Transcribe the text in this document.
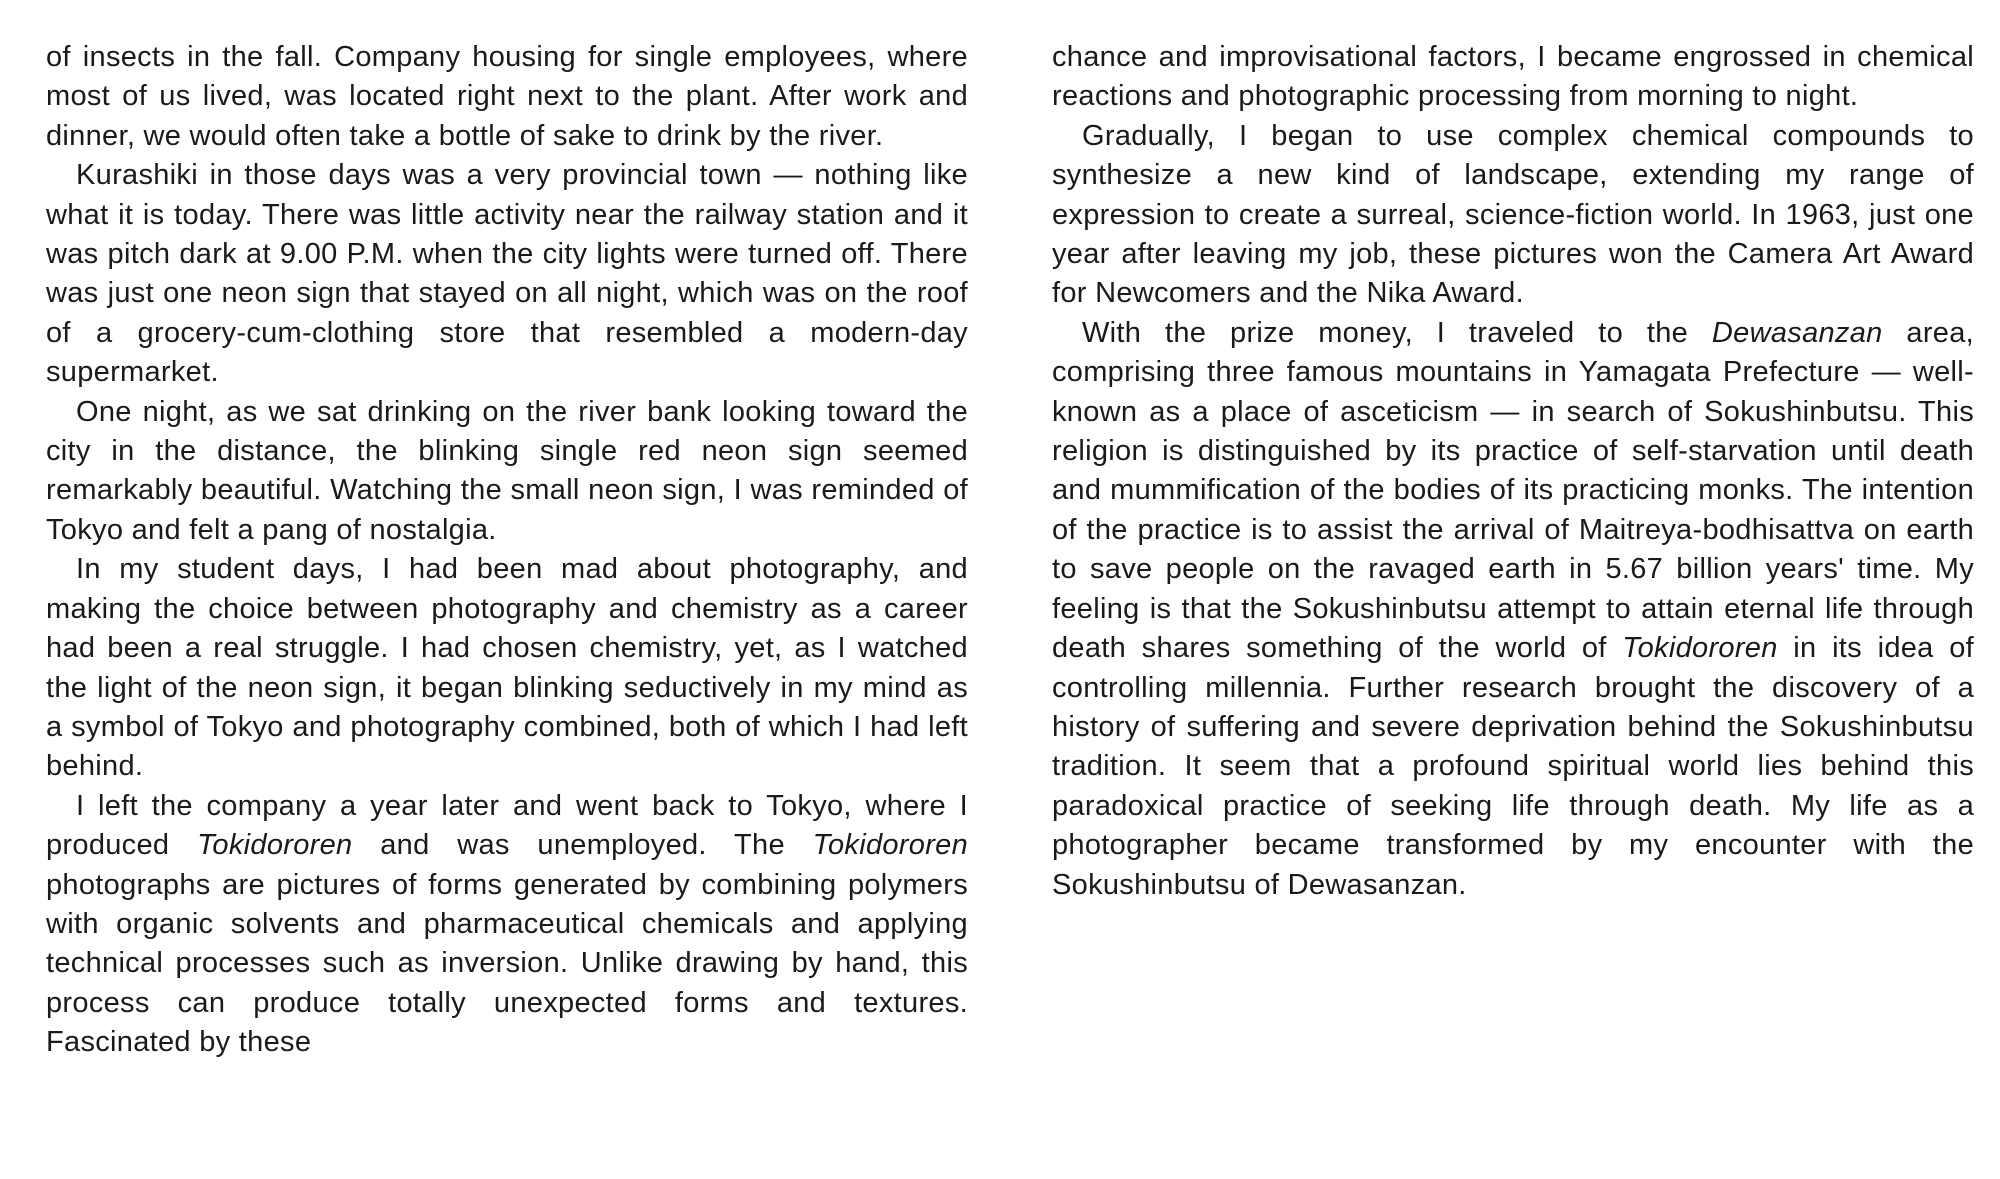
of insects in the fall. Company housing for single employees, where most of us lived, was located right next to the plant. After work and dinner, we would often take a bottle of sake to drink by the river.

Kurashiki in those days was a very provincial town — nothing like what it is today. There was little activity near the railway station and it was pitch dark at 9.00 P.M. when the city lights were turned off. There was just one neon sign that stayed on all night, which was on the roof of a grocery-cum-clothing store that resembled a modern-day supermarket.

One night, as we sat drinking on the river bank looking toward the city in the distance, the blinking single red neon sign seemed remarkably beautiful. Watching the small neon sign, I was reminded of Tokyo and felt a pang of nostalgia.

In my student days, I had been mad about photography, and making the choice between photography and chemistry as a career had been a real struggle. I had chosen chemistry, yet, as I watched the light of the neon sign, it began blinking seductively in my mind as a symbol of Tokyo and photography combined, both of which I had left behind.

I left the company a year later and went back to Tokyo, where I produced Tokidororen and was unemployed. The Tokidororen photographs are pictures of forms generated by combining polymers with organic solvents and pharmaceutical chemicals and applying technical processes such as inversion. Unlike drawing by hand, this process can produce totally unexpected forms and textures. Fascinated by these

chance and improvisational factors, I became engrossed in chemical reactions and photographic processing from morning to night.

Gradually, I began to use complex chemical compounds to synthesize a new kind of landscape, extending my range of expression to create a surreal, science-fiction world. In 1963, just one year after leaving my job, these pictures won the Camera Art Award for Newcomers and the Nika Award.

With the prize money, I traveled to the Dewasanzan area, comprising three famous mountains in Yamagata Prefecture — well-known as a place of asceticism — in search of Sokushinbutsu. This religion is distinguished by its practice of self-starvation until death and mummification of the bodies of its practicing monks. The intention of the practice is to assist the arrival of Maitreya-bodhisattva on earth to save people on the ravaged earth in 5.67 billion years' time. My feeling is that the Sokushinbutsu attempt to attain eternal life through death shares something of the world of Tokidororen in its idea of controlling millennia. Further research brought the discovery of a history of suffering and severe deprivation behind the Sokushinbutsu tradition. It seem that a profound spiritual world lies behind this paradoxical practice of seeking life through death. My life as a photographer became transformed by my encounter with the Sokushinbutsu of Dewasanzan.
